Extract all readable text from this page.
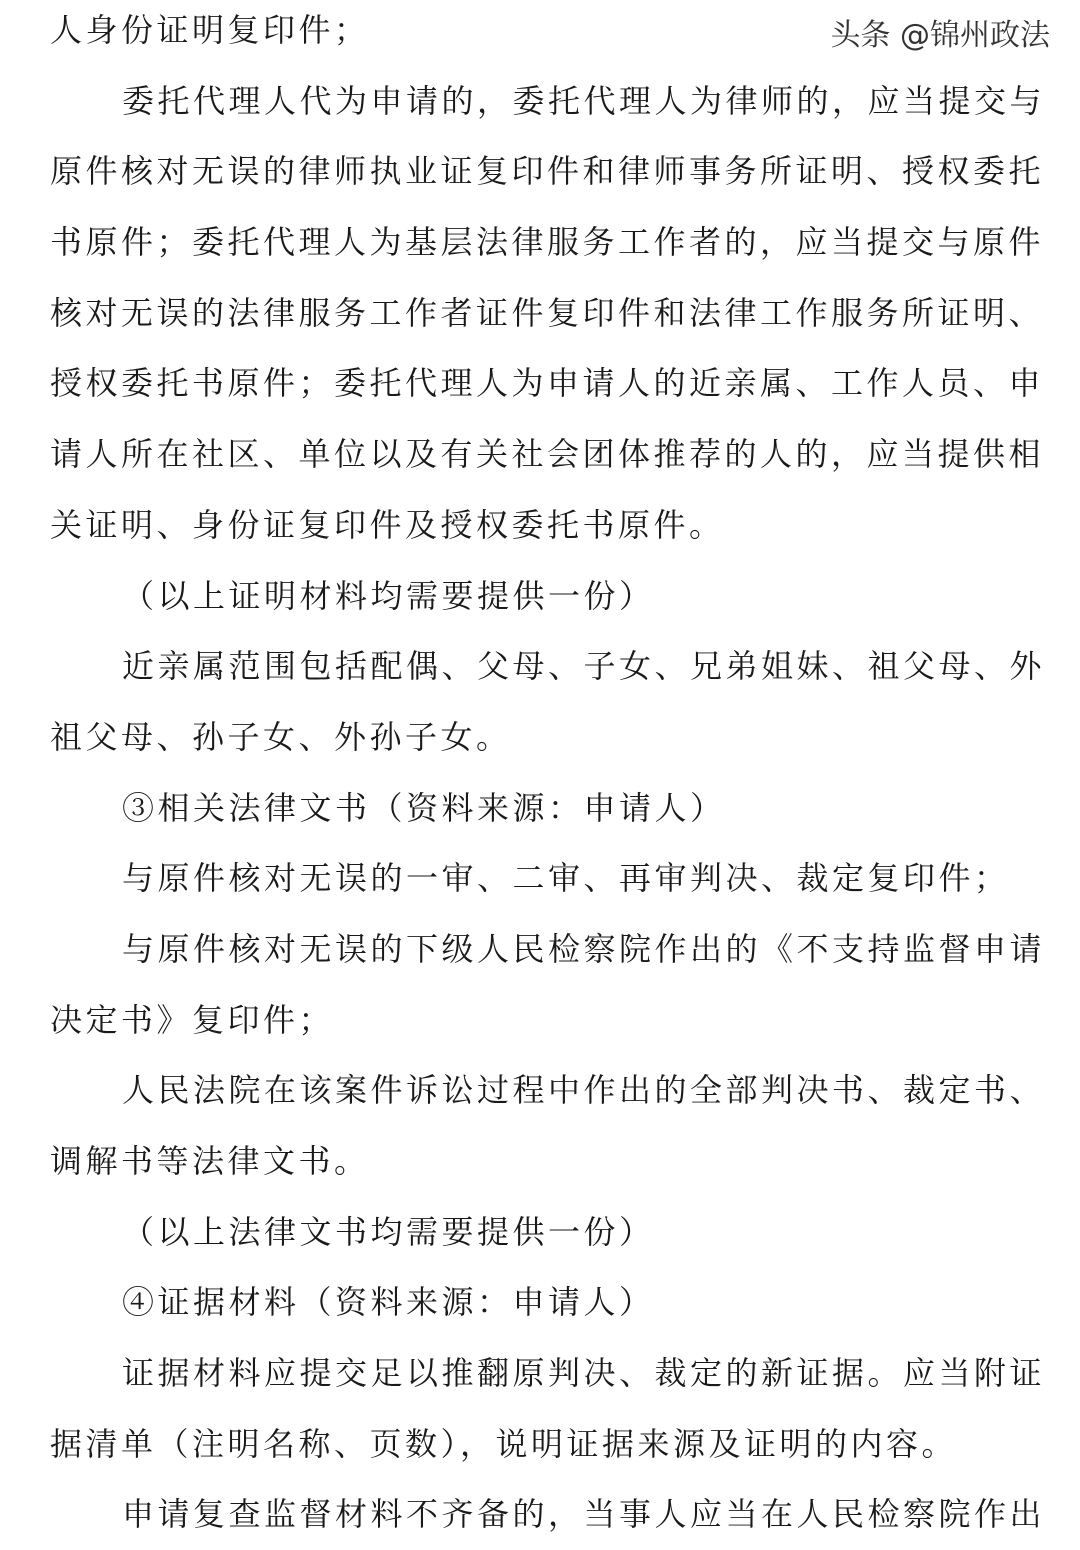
人身份证明复印件；
委托代理人代为申请的，委托代理人为律师的，应当提交与
原件核对无误的律师执业证复印件和律师事务所证明、授权委托
书原件；委托代理人为基层法律服务工作者的，应当提交与原件
核对无误的法律服务工作者证件复印件和法律工作服务所证明、
授权委托书原件；委托代理人为申请人的近亲属、工作人员、申
请人所在社区、单位以及有关社会团体推荐的人的，应当提供相
关证明、身份证复印件及授权委托书原件。
（以上证明材料均需要提供一份）
近亲属范围包括配偶、父母、子女、兄弟姐妹、祖父母、外
祖父母、孙子女、外孙子女。
③相关法律文书（资料来源：申请人）
与原件核对无误的一审、二审、再审判决、裁定复印件；
与原件核对无误的下级人民检察院作出的《不支持监督申请
决定书》复印件；
人民法院在该案件诉讼过程中作出的全部判决书、裁定书、
调解书等法律文书。
（以上法律文书均需要提供一份）
④证据材料（资料来源：申请人）
证据材料应提交足以推翻原判决、裁定的新证据。应当附证
据清单（注明名称、页数），说明证据来源及证明的内容。
申请复查监督材料不齐备的，当事人应当在人民检察院作出
头条 @锦州政法
